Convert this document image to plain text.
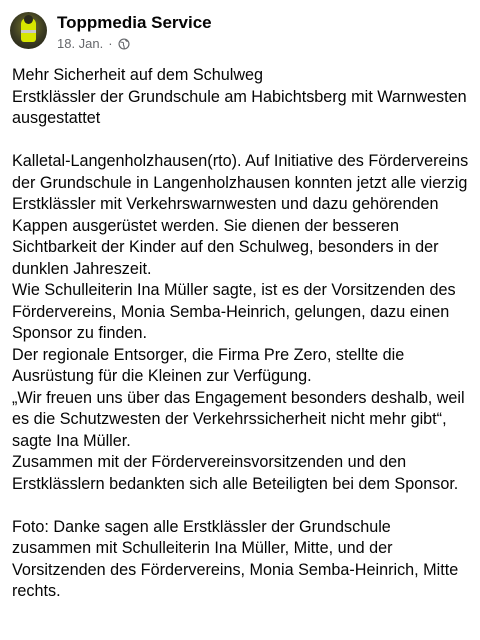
Toppmedia Service
18. Jan. ·

Mehr Sicherheit auf dem Schulweg

Erstklässler der Grundschule am Habichtsberg mit Warnwesten ausgestattet

Kalletal-Langenholzhausen(rto). Auf Initiative des Fördervereins der Grundschule in Langenholzhausen konnten jetzt alle vierzig Erstklässler mit Verkehrswarnwesten und dazu gehörenden Kappen ausgerüstet werden. Sie dienen der besseren Sichtbarkeit der Kinder auf den Schulweg, besonders in der dunklen Jahreszeit.

Wie Schulleiterin Ina Müller sagte, ist es der Vorsitzenden des Fördervereins, Monia Semba-Heinrich, gelungen, dazu einen Sponsor zu finden.

Der regionale Entsorger, die Firma Pre Zero, stellte die Ausrüstung für die Kleinen zur Verfügung.

„Wir freuen uns über das Engagement besonders deshalb, weil es die Schutzwesten der Verkehrssicherheit nicht mehr gibt“, sagte Ina Müller.

Zusammen mit der Fördervereinsvorsitzenden und den Erstklässlern bedankten sich alle Beteiligten bei dem Sponsor.

Foto: Danke sagen alle Erstklässler der Grundschule zusammen mit Schulleiterin Ina Müller, Mitte, und der Vorsitzenden des Fördervereins, Monia Semba-Heinrich, Mitte rechts.
